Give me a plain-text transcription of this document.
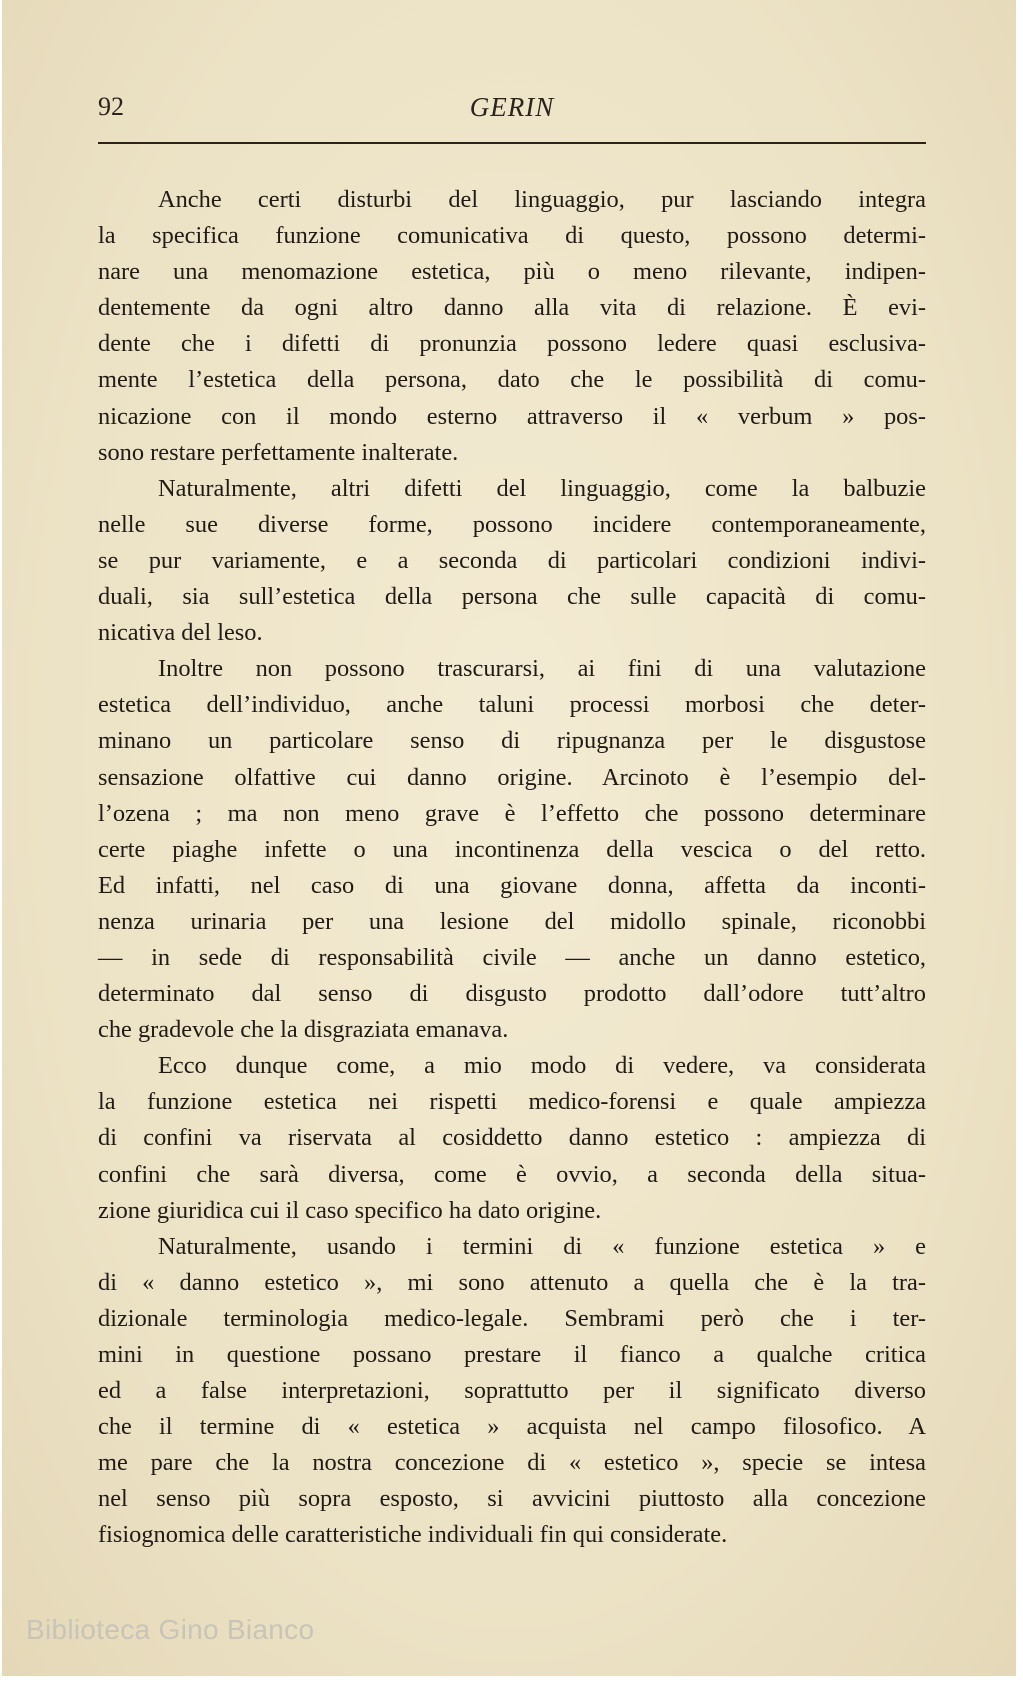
92	GERIN
Anche certi disturbi del linguaggio, pur lasciando integra
la specifica funzione comunicativa di questo, possono determi-
nare una menomazione estetica, più o meno rilevante, indipen-
dentemente da ogni altro danno alla vita di relazione. È evi-
dente che i difetti di pronunzia possono ledere quasi esclusiva-
mente l’estetica della persona, dato che le possibilità di comu-
nicazione con il mondo esterno attraverso il « verbum » pos-
sono restare perfettamente inalterate.
Naturalmente, altri difetti del linguaggio, come la balbuzie
nelle sue diverse forme, possono incidere contemporaneamente,
se pur variamente, e a seconda di particolari condizioni indivi-
duali, sia sull’estetica della persona che sulle capacità di comu-
nicativa del leso.
Inoltre non possono trascurarsi, ai fini di una valutazione
estetica dell’individuo, anche taluni processi morbosi che deter-
minano un particolare senso di ripugnanza per le disgustose
sensazione olfattive cui danno origine. Arcinoto è l’esempio del-
l’ozena ; ma non meno grave è l’effetto che possono determinare
certe piaghe infette o una incontinenza della vescica o del retto.
Ed infatti, nel caso di una giovane donna, affetta da inconti-
nenza urinaria per una lesione del midollo spinale, riconobbi
— in sede di responsabilità civile — anche un danno estetico,
determinato dal senso di disgusto prodotto dall’odore tutt’altro
che gradevole che la disgraziata emanava.
Ecco dunque come, a mio modo di vedere, va considerata
la funzione estetica nei rispetti medico-forensi e quale ampiezza
di confini va riservata al cosiddetto danno estetico : ampiezza di
confini che sarà diversa, come è ovvio, a seconda della situa-
zione giuridica cui il caso specifico ha dato origine.
Naturalmente, usando i termini di « funzione estetica » e
di « danno estetico », mi sono attenuto a quella che è la tra-
dizionale terminologia medico-legale. Sembrami però che i ter-
mini in questione possano prestare il fianco a qualche critica
ed a false interpretazioni, soprattutto per il significato diverso
che il termine di « estetica » acquista nel campo filosofico. A
me pare che la nostra concezione di « estetico », specie se intesa
nel senso più sopra esposto, si avvicini piuttosto alla concezione
fisiognomica delle caratteristiche individuali fin qui considerate.
Biblioteca Gino Bianco
